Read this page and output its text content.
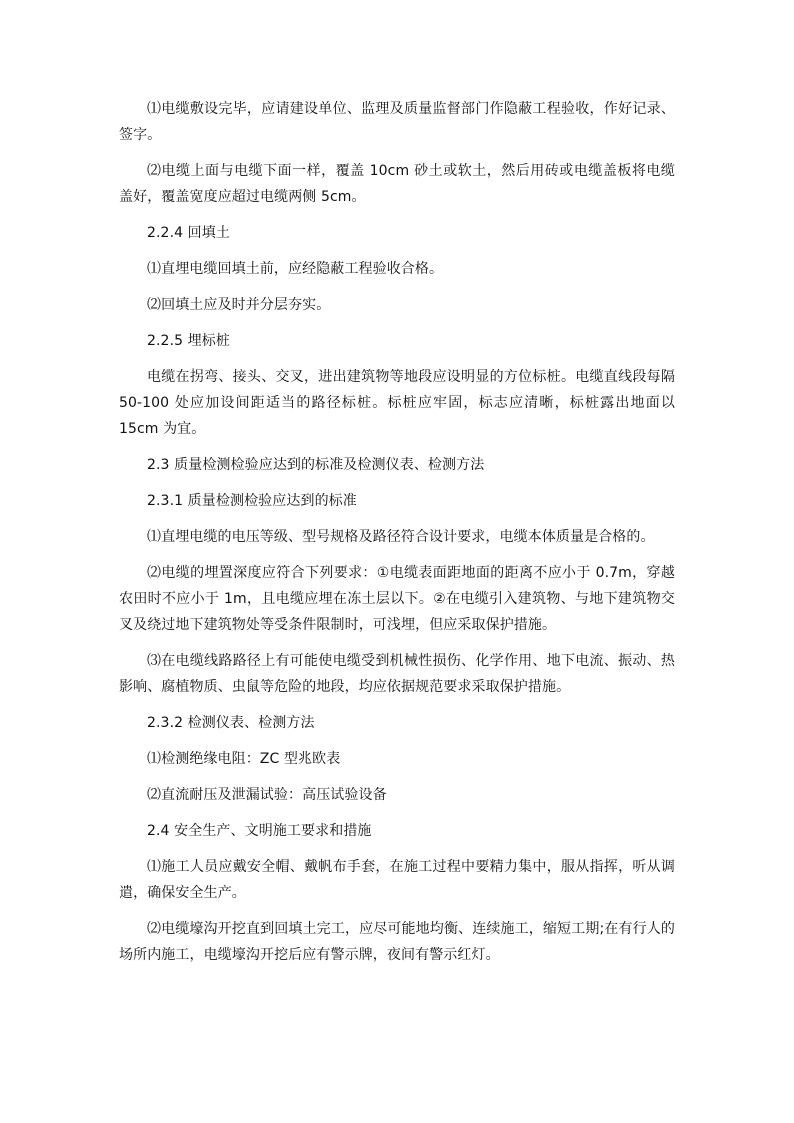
⑴电缆敷设完毕，应请建设单位、监理及质量监督部门作隐蔽工程验收，作好记录、签字。

⑵电缆上面与电缆下面一样，覆盖 10cm 砂土或软土，然后用砖或电缆盖板将电缆盖好，覆盖宽度应超过电缆两侧 5cm。

2.2.4 回填土

⑴直埋电缆回填土前，应经隐蔽工程验收合格。

⑵回填土应及时并分层夯实。

2.2.5 埋标桩

电缆在拐弯、接头、交叉，进出建筑物等地段应设明显的方位标桩。电缆直线段每隔 50-100 处应加设间距适当的路径标桩。标桩应牢固，标志应清晰，标桩露出地面以 15cm 为宜。

2.3 质量检测检验应达到的标准及检测仪表、检测方法

2.3.1 质量检测检验应达到的标准

⑴直埋电缆的电压等级、型号规格及路径符合设计要求，电缆本体质量是合格的。

⑵电缆的埋置深度应符合下列要求：①电缆表面距地面的距离不应小于 0.7m，穿越农田时不应小于 1m，且电缆应埋在冻土层以下。②在电缆引入建筑物、与地下建筑物交叉及绕过地下建筑物处等受条件限制时，可浅埋，但应采取保护措施。

⑶在电缆线路路径上有可能使电缆受到机械性损伤、化学作用、地下电流、振动、热影响、腐植物质、虫鼠等危险的地段，均应依据规范要求采取保护措施。

2.3.2 检测仪表、检测方法

⑴检测绝缘电阻：ZC 型兆欧表

⑵直流耐压及泄漏试验：高压试验设备

2.4 安全生产、文明施工要求和措施

⑴施工人员应戴安全帽、戴帆布手套，在施工过程中要精力集中，服从指挥，听从调遣，确保安全生产。

⑵电缆壕沟开挖直到回填土完工，应尽可能地均衡、连续施工，缩短工期;在有行人的场所内施工，电缆壕沟开挖后应有警示牌，夜间有警示红灯。
